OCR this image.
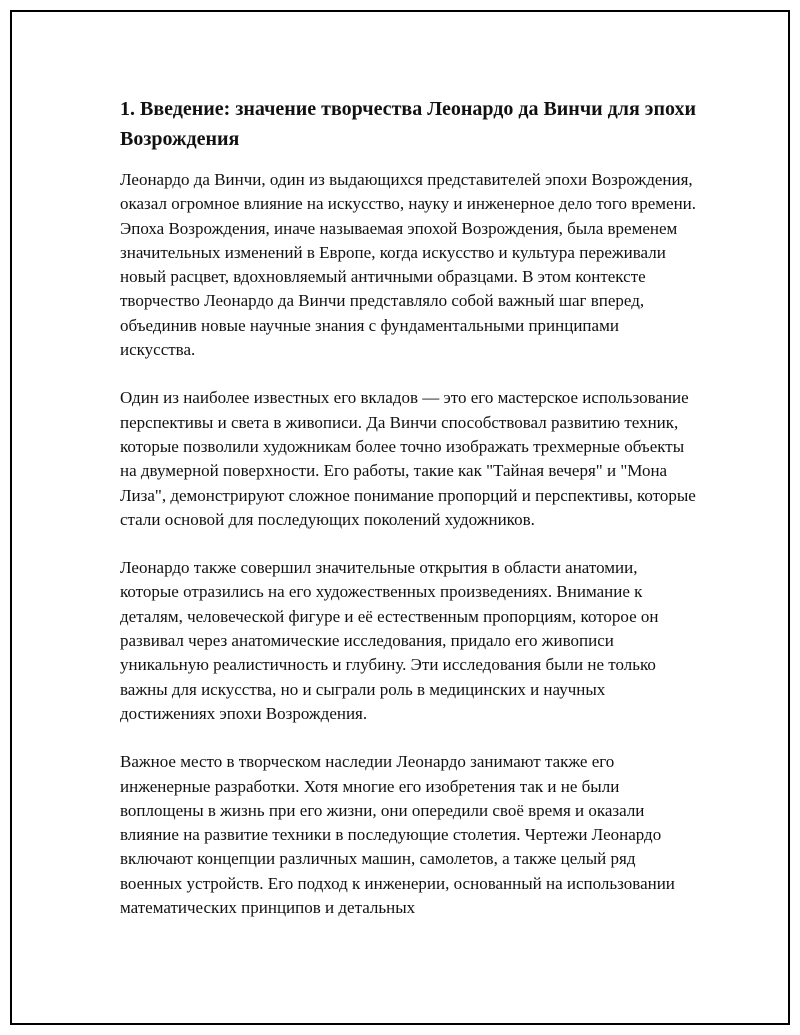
1. Введение: значение творчества Леонардо да Винчи для эпохи Возрождения

Леонардо да Винчи, один из выдающихся представителей эпохи Возрождения, оказал огромное влияние на искусство, науку и инженерное дело того времени. Эпоха Возрождения, иначе называемая эпохой Возрождения, была временем значительных изменений в Европе, когда искусство и культура переживали новый расцвет, вдохновляемый античными образцами. В этом контексте творчество Леонардо да Винчи представляло собой важный шаг вперед, объединив новые научные знания с фундаментальными принципами искусства.

Один из наиболее известных его вкладов — это его мастерское использование перспективы и света в живописи. Да Винчи способствовал развитию техник, которые позволили художникам более точно изображать трехмерные объекты на двумерной поверхности. Его работы, такие как "Тайная вечеря" и "Мона Лиза", демонстрируют сложное понимание пропорций и перспективы, которые стали основой для последующих поколений художников.

Леонардо также совершил значительные открытия в области анатомии, которые отразились на его художественных произведениях. Внимание к деталям, человеческой фигуре и её естественным пропорциям, которое он развивал через анатомические исследования, придало его живописи уникальную реалистичность и глубину. Эти исследования были не только важны для искусства, но и сыграли роль в медицинских и научных достижениях эпохи Возрождения.

Важное место в творческом наследии Леонардо занимают также его инженерные разработки. Хотя многие его изобретения так и не были воплощены в жизнь при его жизни, они опередили своё время и оказали влияние на развитие техники в последующие столетия. Чертежи Леонардо включают концепции различных машин, самолетов, а также целый ряд военных устройств. Его подход к инженерии, основанный на использовании математических принципов и детальных
